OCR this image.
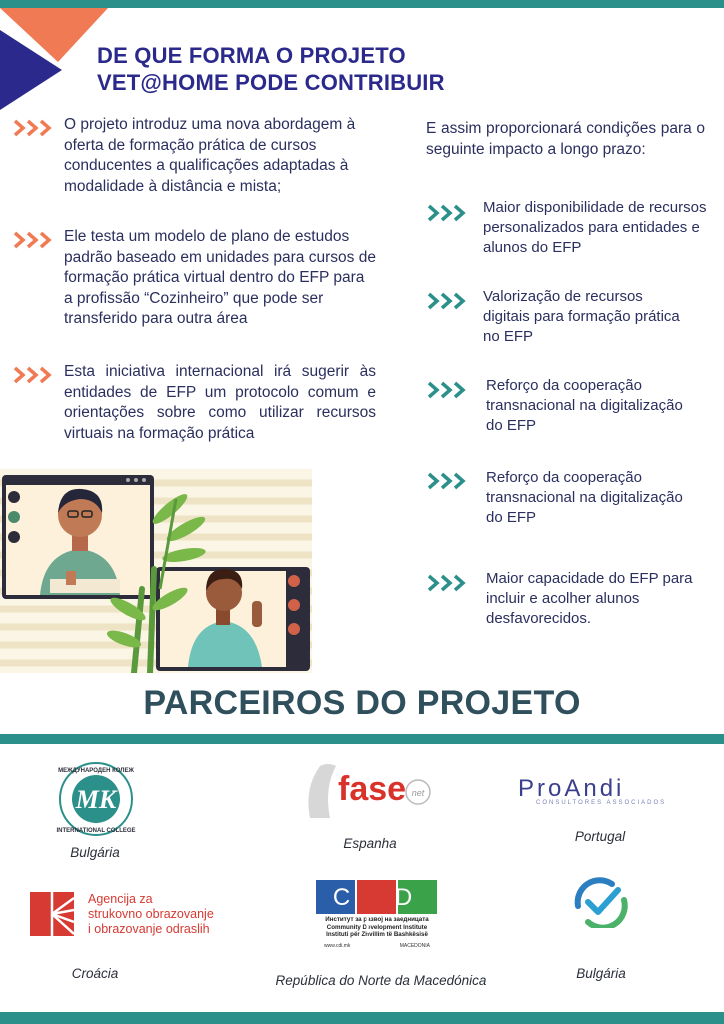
DE QUE FORMA O PROJETO
VET@HOME PODE CONTRIBUIR
O projeto introduz uma nova abordagem à oferta de formação prática de cursos conducentes a qualificações adaptadas à modalidade à distância e mista;
Ele testa um modelo de plano de estudos padrão baseado em unidades para cursos de formação prática virtual dentro do EFP para a profissão “Cozinheiro” que pode ser transferido para outra área
Esta iniciativa internacional irá sugerir às entidades de EFP um protocolo comum e orientações sobre como utilizar recursos virtuais na formação prática
E assim proporcionará condições para o seguinte impacto a longo prazo:
Maior disponibilidade de recursos personalizados para entidades e alunos do EFP
Valorização de recursos digitais para formação prática no EFP
Reforço da cooperação transnacional na digitalização do EFP
Reforço da cooperação transnacional na digitalização do EFP
Maior capacidade do EFP para incluir e acolher alunos desfavorecidos.
PARCEIROS DO PROJETO
MK
МЕЖДУНАРОДЕН КОЛЕЖ
INTERNATIONAL COLLEGE
Bulgária
fase net
Espanha
ProAndi
CONSULTORES ASSOCIADOS
Portugal
Agencija za
strukovno obrazovanje
i obrazovanje odraslih
Croácia
C D I
Институт за развој на заедницата
Community Development Institute
Instituti për Zhvillim të Bashkësisë
www.cdi.mk	MACEDONIA
República do Norte da Macedónica	Bulgária
